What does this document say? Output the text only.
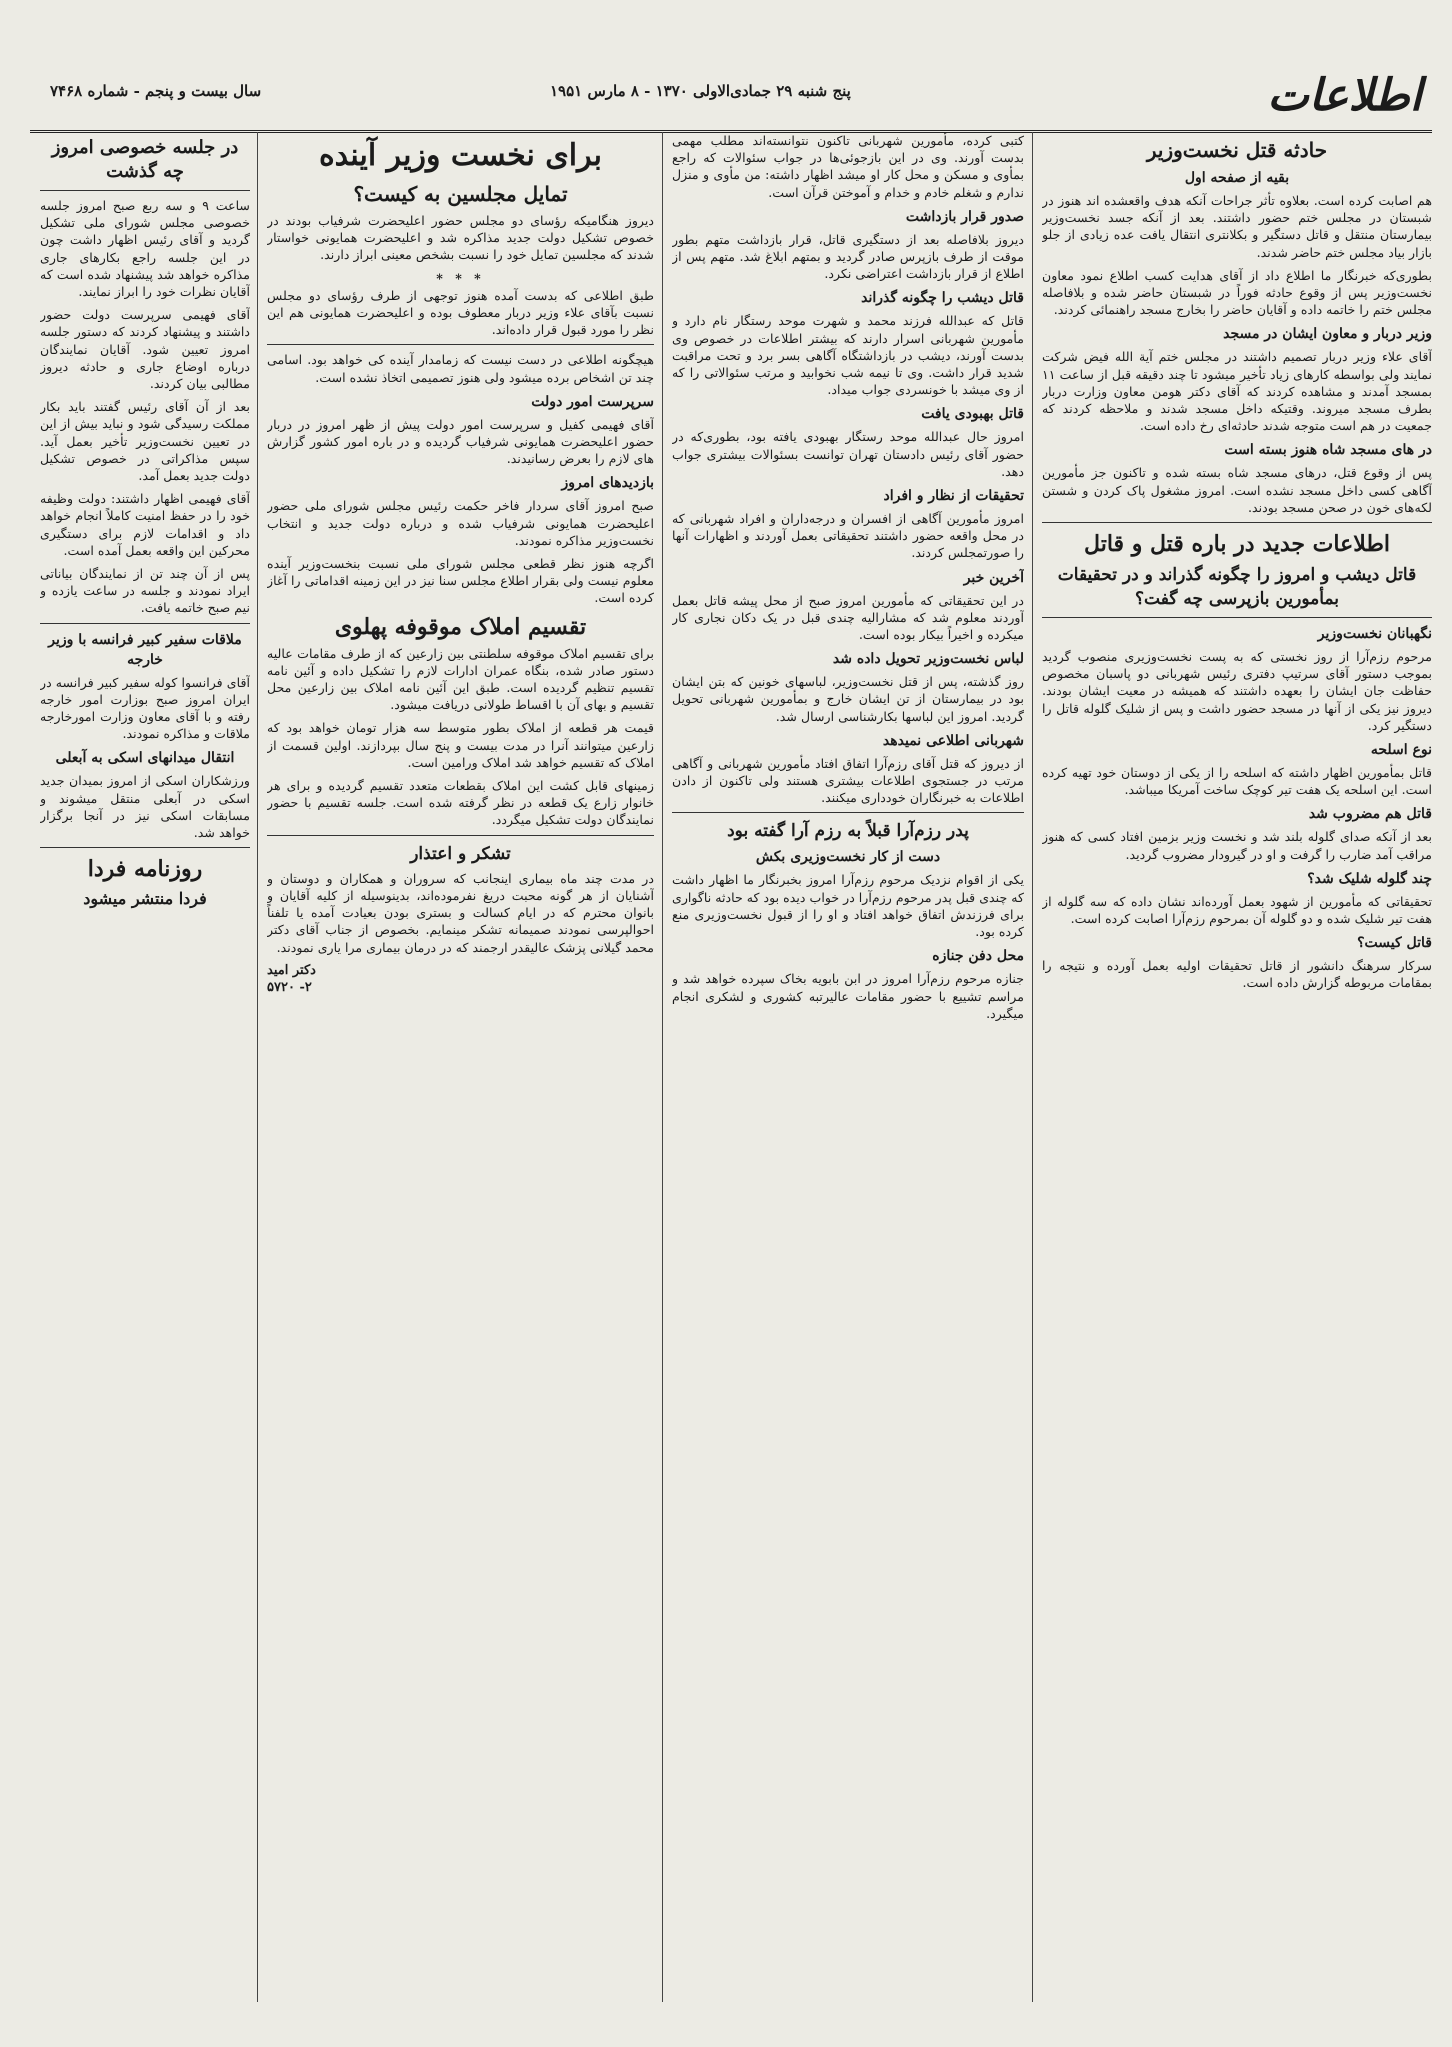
سال بیست و پنجم - شماره ۷۴۶۸	پنج شنبه ۲۹ جمادی‌الاولی ۱۳۷۰ - ۸ مارس ۱۹۵۱	اطلاعات
حادثه قتل نخست‌وزیر
بقیه از صفحه اول

هم اصابت کرده است. بعلاوه تأثر جراحات آنکه هدف واقعشده اند هنوز در شبستان در مجلس ختم حضور داشتند. بعد از آنکه جسد نخست‌وزیر بیمارستان منتقل و قاتل دستگیر و بکلانتری انتقال یافت عده زیادی از جلو بازار بیاد مجلس ختم حاضر شدند.

بطوری‌که خبرنگار ما اطلاع داد از آقای هدایت کسب اطلاع نمود معاون نخست‌وزیر پس از وقوع حادثه فوراً در شبستان حاضر شده و بلافاصله مجلس ختم را خاتمه داده و آقایان حاضر را بخارج مسجد راهنمائی کردند.

وزیر دربار و معاون ایشان در مسجد

آقای علاء وزیر دربار تصمیم داشتند در مجلس ختم آیة الله فیض شرکت نمایند ولی بواسطه کارهای زیاد تأخیر میشود تا چند دقیقه قبل از ساعت ۱۱ بمسجد آمدند و مشاهده کردند که آقای دکتر هومن معاون وزارت دربار بطرف مسجد میروند. وقتیکه داخل مسجد شدند و ملاحظه کردند که جمعیت در هم است متوجه شدند حادثه‌ای رخ داده است.

در های مسجد شاه هنوز بسته است

پس از وقوع قتل، درهای مسجد شاه بسته شده و تاکنون جز مأمورین آگاهی کسی داخل مسجد نشده است. امروز مشغول پاک کردن و شستن لکه‌های خون در صحن مسجد بودند.

اطلاعات جدید در باره قتل و قاتل
قاتل دیشب و امروز را چگونه گذراند و در تحقیقات بمأمورین بازپرسی چه گفت؟
نگهبانان نخست‌وزیر

مرحوم رزم‌آرا از روز نخستی که به پست نخست‌وزیری منصوب گردید بموجب دستور آقای سرتیپ دفتری رئیس شهربانی دو پاسبان مخصوص حفاظت جان ایشان را بعهده داشتند که همیشه در معیت ایشان بودند. دیروز نیز یکی از آنها در مسجد حضور داشت و پس از شلیک گلوله قاتل را دستگیر کرد.

نوع اسلحه

قاتل بمأمورین اظهار داشته که اسلحه را از یکی از دوستان خود تهیه کرده است. این اسلحه یک هفت تیر کوچک ساخت آمریکا میباشد.

قاتل هم مضروب شد

بعد از آنکه صدای گلوله بلند شد و نخست وزیر بزمین افتاد کسی که هنوز مراقب آمد ضارب را گرفت و او در گیرودار مضروب گردید.

چند گلوله شلیک شد؟

تحقیقاتی که مأمورین از شهود بعمل آورده‌اند نشان داده که سه گلوله از هفت تیر شلیک شده و دو گلوله آن بمرحوم رزم‌آرا اصابت کرده است.

قاتل کیست؟

سرکار سرهنگ دانشور از قاتل تحقیقات اولیه بعمل آورده و نتیجه را بمقامات مربوطه گزارش داده است.

کتبی کرده، مأمورین شهربانی تاکنون نتوانسته‌اند مطلب مهمی بدست آورند. وی در این بازجوئی‌ها در جواب سئوالات که راجع بمأوی و مسکن و محل کار او میشد اظهار داشته: من مأوی و منزل ندارم و شغلم خادم و خدام و آموختن قرآن است.

صدور قرار بازداشت

دیروز بلافاصله بعد از دستگیری قاتل، قرار بازداشت متهم بطور موقت از طرف بازپرس صادر گردید و بمتهم ابلاغ شد. متهم پس از اطلاع از قرار بازداشت اعتراضی نکرد.

قاتل دیشب را چگونه گذراند

قاتل که عبدالله فرزند محمد و شهرت موحد رستگار نام دارد و مأمورین شهربانی اسرار دارند که بیشتر اطلاعات در خصوص وی بدست آورند، دیشب در بازداشتگاه آگاهی بسر برد و تحت مراقبت شدید قرار داشت. وی تا نیمه شب نخوابید و مرتب سئوالاتی را که از وی میشد با خونسردی جواب میداد.

قاتل بهبودی یافت

امروز حال عبدالله موحد رستگار بهبودی یافته بود، بطوری‌که در حضور آقای رئیس دادستان تهران توانست بسئوالات بیشتری جواب دهد.

تحقیقات از نظار و افراد

امروز مأمورین آگاهی از افسران و درجه‌داران و افراد شهربانی که در محل واقعه حضور داشتند تحقیقاتی بعمل آوردند و اظهارات آنها را صورتمجلس کردند.

آخرین خبر

در این تحقیقاتی که مأمورین امروز صبح از محل پیشه قاتل بعمل آوردند معلوم شد که مشارالیه چندی قبل در یک دکان نجاری کار میکرده و اخیراً بیکار بوده است.

لباس نخست‌وزیر تحویل داده شد

روز گذشته، پس از قتل نخست‌وزیر، لباسهای خونین که بتن ایشان بود در بیمارستان از تن ایشان خارج و بمأمورین شهربانی تحویل گردید. امروز این لباسها بکارشناسی ارسال شد.

شهربانی اطلاعی نمیدهد

از دیروز که قتل آقای رزم‌آرا اتفاق افتاد مأمورین شهربانی و آگاهی مرتب در جستجوی اطلاعات بیشتری هستند ولی تاکنون از دادن اطلاعات به خبرنگاران خودداری میکنند.

پدر رزم‌آرا قبلاً به رزم آرا گفته بود
دست از کار نخست‌وزیری بکش

یکی از اقوام نزدیک مرحوم رزم‌آرا امروز بخبرنگار ما اظهار داشت که چندی قبل پدر مرحوم رزم‌آرا در خواب دیده بود که حادثه ناگواری برای فرزندش اتفاق خواهد افتاد و او را از قبول نخست‌وزیری منع کرده بود.

محل دفن جنازه

جنازه مرحوم رزم‌آرا امروز در ابن بابویه بخاک سپرده خواهد شد و مراسم تشییع با حضور مقامات عالیرتبه کشوری و لشکری انجام میگیرد.

برای نخست وزیر آینده
تمایل مجلسین به کیست؟

دیروز هنگامیکه رؤسای دو مجلس حضور اعلیحضرت شرفیاب بودند در خصوص تشکیل دولت جدید مذاکره شد و اعلیحضرت همایونی خواستار شدند که مجلسین تمایل خود را نسبت بشخص معینی ابراز دارند.

* * *

طبق اطلاعی که بدست آمده هنوز توجهی از طرف رؤسای دو مجلس نسبت بآقای علاء وزیر دربار معطوف بوده و اعلیحضرت همایونی هم این نظر را مورد قبول قرار داده‌اند.

هیچگونه اطلاعی در دست نیست که زمامدار آینده کی خواهد بود. اسامی چند تن اشخاص برده میشود ولی هنوز تصمیمی اتخاذ نشده است.

سرپرست امور دولت

آقای فهیمی کفیل و سرپرست امور دولت پیش از ظهر امروز در دربار حضور اعلیحضرت همایونی شرفیاب گردیده و در باره امور کشور گزارش های لازم را بعرض رسانیدند.

بازدیدهای امروز

صبح امروز آقای سردار فاخر حکمت رئیس مجلس شورای ملی حضور اعلیحضرت همایونی شرفیاب شده و درباره دولت جدید و انتخاب نخست‌وزیر مذاکره نمودند.

اگرچه هنوز نظر قطعی مجلس شورای ملی نسبت بنخست‌وزیر آینده معلوم نیست ولی بقرار اطلاع مجلس سنا نیز در این زمینه اقداماتی را آغاز کرده است.

تقسیم املاک موقوفه پهلوی

برای تقسیم املاک موقوفه سلطنتی بین زارعین که از طرف مقامات عالیه دستور صادر شده، بنگاه عمران ادارات لازم را تشکیل داده و آئین نامه تقسیم تنظیم گردیده است. طبق این آئین نامه املاک بین زارعین محل تقسیم و بهای آن با اقساط طولانی دریافت میشود.

قیمت هر قطعه از املاک بطور متوسط سه هزار تومان خواهد بود که زارعین میتوانند آنرا در مدت بیست و پنج سال بپردازند. اولین قسمت از املاک که تقسیم خواهد شد املاک ورامین است.

زمینهای قابل کشت این املاک بقطعات متعدد تقسیم گردیده و برای هر خانوار زارع یک قطعه در نظر گرفته شده است. جلسه تقسیم با حضور نمایندگان دولت تشکیل میگردد.

تشکر و اعتذار

در مدت چند ماه بیماری اینجانب که سروران و همکاران و دوستان و آشنایان از هر گونه محبت دریغ نفرموده‌اند، بدینوسیله از کلیه آقایان و بانوان محترم که در ایام کسالت و بستری بودن بعیادت آمده یا تلفناً احوالپرسی نمودند صمیمانه تشکر مینمایم. بخصوص از جناب آقای دکتر محمد گیلانی پزشک عالیقدر ارجمند که در درمان بیماری مرا یاری نمودند.

دکتر امید
۲- ۵۷۲۰
در جلسه خصوصی امروز چه گذشت

ساعت ۹ و سه ربع صبح امروز جلسه خصوصی مجلس شورای ملی تشکیل گردید و آقای رئیس اظهار داشت چون در این جلسه راجع بکارهای جاری مذاکره خواهد شد پیشنهاد شده است که آقایان نظرات خود را ابراز نمایند.

آقای فهیمی سرپرست دولت حضور داشتند و پیشنهاد کردند که دستور جلسه امروز تعیین شود. آقایان نمایندگان درباره اوضاع جاری و حادثه دیروز مطالبی بیان کردند.

بعد از آن آقای رئیس گفتند باید بکار مملکت رسیدگی شود و نباید بیش از این در تعیین نخست‌وزیر تأخیر بعمل آید. سپس مذاکراتی در خصوص تشکیل دولت جدید بعمل آمد.

آقای فهیمی اظهار داشتند: دولت وظیفه خود را در حفظ امنیت کاملاً انجام خواهد داد و اقدامات لازم برای دستگیری محرکین این واقعه بعمل آمده است.

پس از آن چند تن از نمایندگان بیاناتی ایراد نمودند و جلسه در ساعت یازده و نیم صبح خاتمه یافت.

ملاقات سفیر کبیر فرانسه با وزیر خارجه

آقای فرانسوا کوله سفیر کبیر فرانسه در ایران امروز صبح بوزارت امور خارجه رفته و با آقای معاون وزارت امورخارجه ملاقات و مذاکره نمودند.

انتقال میدانهای اسکی به آبعلی

ورزشکاران اسکی از امروز بمیدان جدید اسکی در آبعلی منتقل میشوند و مسابقات اسکی نیز در آنجا برگزار خواهد شد.

روزنامه فردا
فردا منتشر میشود
